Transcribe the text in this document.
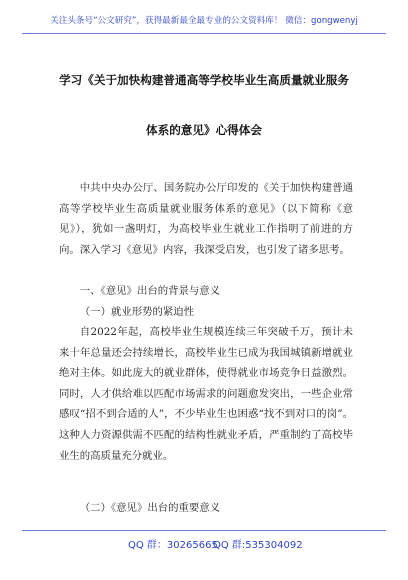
关注头条号“公文研究”，获得最新最全最专业的公文资料库！ 微信：gongwenyj
学习《关于加快构建普通高等学校毕业生高质量就业服务
体系的意见》心得体会
中共中央办公厅、国务院办公厅印发的《关于加快构建普通高等学校毕业生高质量就业服务体系的意见》（以下简称《意见》），犹如一盏明灯，为高校毕业生就业工作指明了前进的方向。深入学习《意见》内容，我深受启发，也引发了诸多思考。
一、《意见》出台的背景与意义
（一）就业形势的紧迫性
自2022年起，高校毕业生规模连续三年突破千万，预计未来十年总量还会持续增长，高校毕业生已成为我国城镇新增就业绝对主体。如此庞大的就业群体，使得就业市场竞争日益激烈。同时，人才供给难以匹配市场需求的问题愈发突出，一些企业常感叹“招不到合适的人”，不少毕业生也困惑“找不到对口的岗”。这种人力资源供需不匹配的结构性就业矛盾，严重制约了高校毕业生的高质量充分就业。
（二）《意见》出台的重要意义
QQ 群：30265665
QQ 群:535304092
